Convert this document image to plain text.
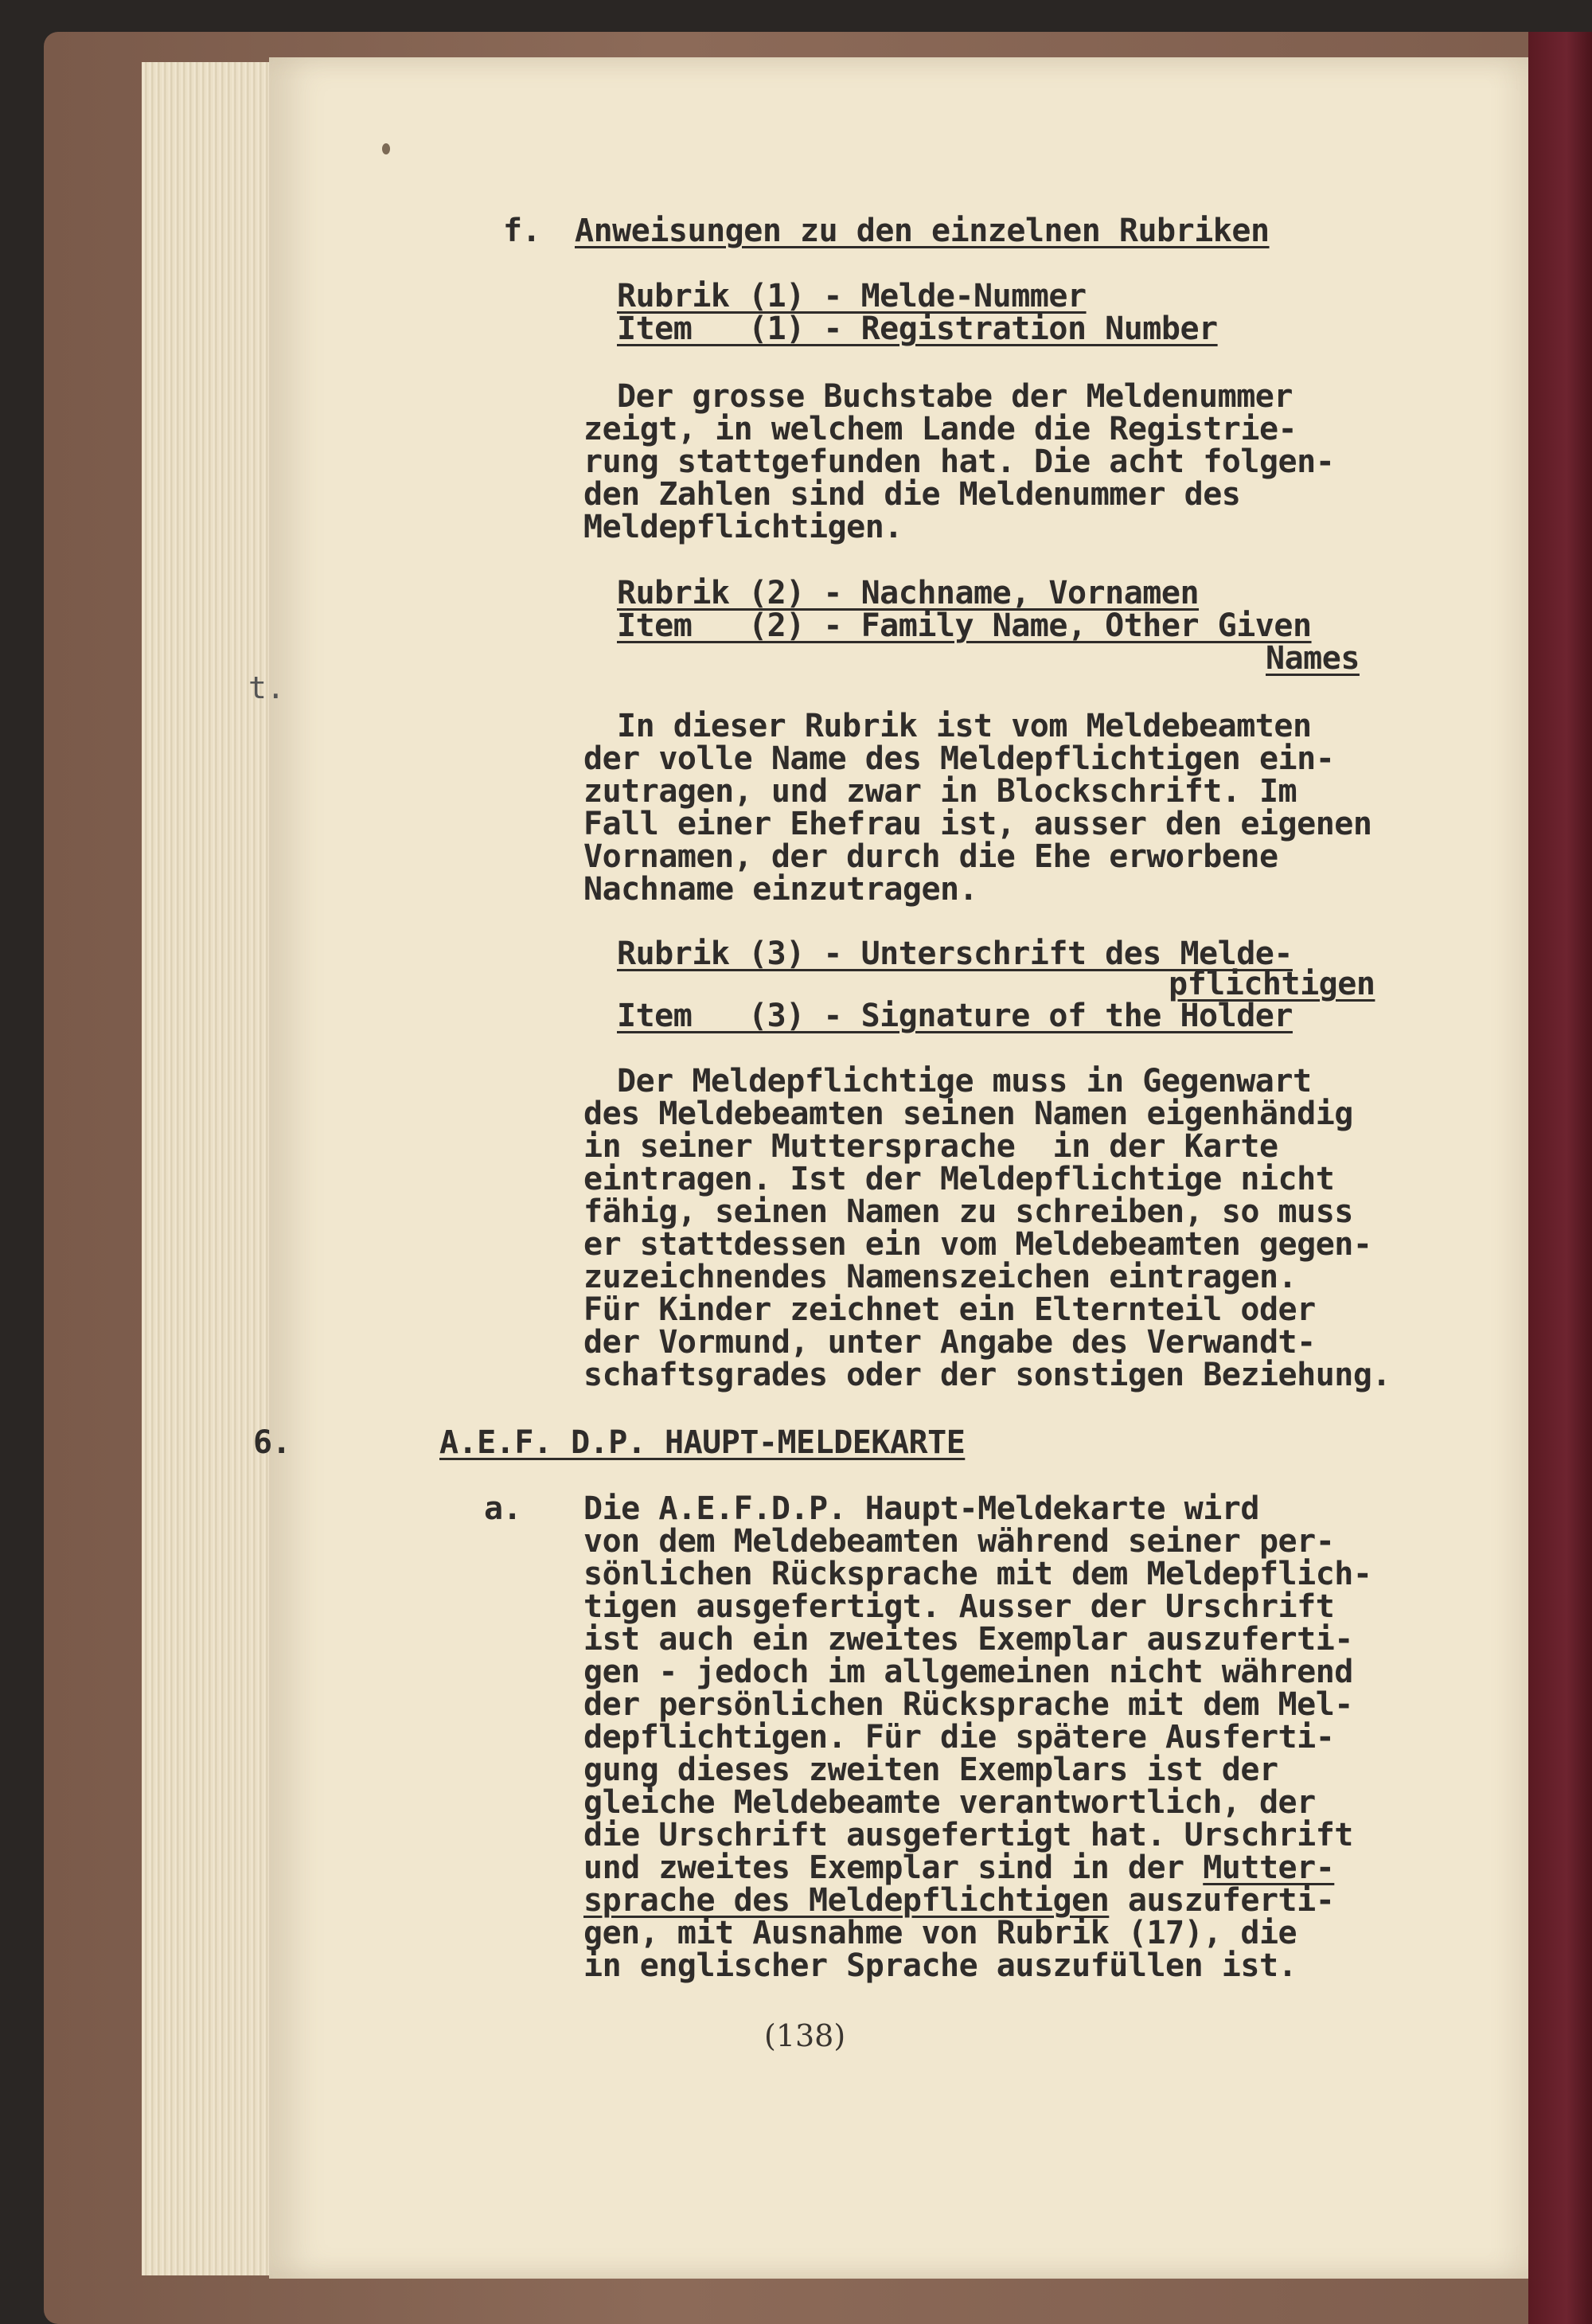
t.
f. Anweisungen zu den einzelnen Rubriken
Rubrik (1) - Melde-Nummer
Item   (1) - Registration Number
Der grosse Buchstabe der Meldenummer
zeigt, in welchem Lande die Registrie-
rung stattgefunden hat. Die acht folgen-
den Zahlen sind die Meldenummer des
Meldepflichtigen.
Rubrik (2) - Nachname, Vornamen
Item   (2) - Family Name, Other Given
Names
In dieser Rubrik ist vom Meldebeamten
der volle Name des Meldepflichtigen ein-
zutragen, und zwar in Blockschrift. Im
Fall einer Ehefrau ist, ausser den eigenen
Vornamen, der durch die Ehe erworbene
Nachname einzutragen.
Rubrik (3) - Unterschrift des Melde-
pflichtigen
Item   (3) - Signature of the Holder
Der Meldepflichtige muss in Gegenwart
des Meldebeamten seinen Namen eigenhändig
in seiner Muttersprache  in der Karte
eintragen. Ist der Meldepflichtige nicht
fähig, seinen Namen zu schreiben, so muss
er stattdessen ein vom Meldebeamten gegen-
zuzeichnendes Namenszeichen eintragen.
Für Kinder zeichnet ein Elternteil oder
der Vormund, unter Angabe des Verwandt-
schaftsgrades oder der sonstigen Beziehung.
6.	A.E.F. D.P. HAUPT-MELDEKARTE
a. Die A.E.F.D.P. Haupt-Meldekarte wird
von dem Meldebeamten während seiner per-
sönlichen Rücksprache mit dem Meldepflich-
tigen ausgefertigt. Ausser der Urschrift
ist auch ein zweites Exemplar auszuferti-
gen - jedoch im allgemeinen nicht während
der persönlichen Rücksprache mit dem Mel-
depflichtigen. Für die spätere Ausferti-
gung dieses zweiten Exemplars ist der
gleiche Meldebeamte verantwortlich, der
die Urschrift ausgefertigt hat. Urschrift
und zweites Exemplar sind in der Mutter-
sprache des Meldepflichtigen auszuferti-
gen, mit Ausnahme von Rubrik (17), die
in englischer Sprache auszufüllen ist.
(138)
